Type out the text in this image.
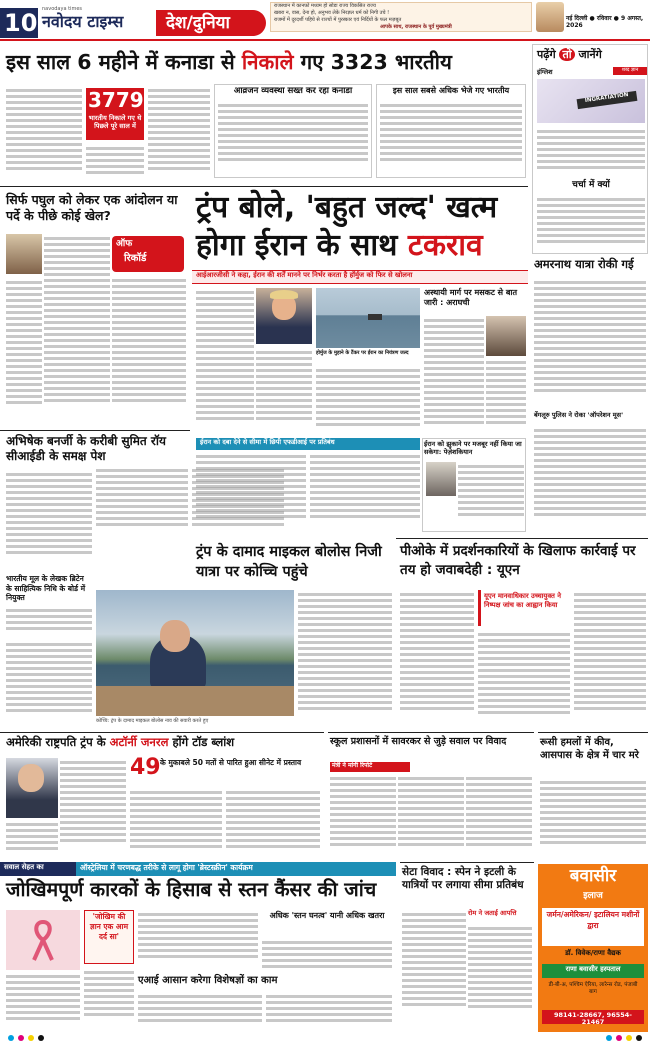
10 navodaya times
नवोदय टाइम्स	देश/दुनिया
राजस्थान में कानफ़ो मध्यम हो सोडा राज्य विकसित राज्य
खबरा न, वास, देना हो, अनुभव लेके निरज्ञल धर्म को निगी उचे !
राजमों में दूरदर्शी पहिये से राज्यों में पुरस्कार एवं निर्दियों के फल मज़बूत
आपके साथ, राजस्थान के पूर्व मुख्यमंत्री
नई दिल्ली ● रविवार ● 9 अगस्त, 2026
इस साल 6 महीने में कनाडा से निकाले गए 3323 भारतीय
3779
भारतीय निकाले गए थे पिछले पूरे साल में
आव्रजन व्यवस्था सख्त कर रहा कनाडा	इस साल सबसे अधिक भेजे गए भारतीय
पढ़ेंगे तो जानेंगे
शब्द ज्ञान
इंग्लिश
INGRATIATION
चर्चा में क्यों
सिर्फ पघुल को लेकर एक आंदोलन या पर्दे के पीछे कोई खेल?
ऑफ
रिकॉर्ड
ट्रंप बोले, 'बहुत जल्द' खत्म
होगा ईरान के साथ टकराव
आईआरजीसी ने कहा, ईरान की शर्तें मानने पर निर्भर करता है हॉर्मुज को फिर से खोलना
होर्मुज के मुहाने के टैंकर पर ईरान का नियंत्रण जल्द
अस्थायी मार्ग पर मसकट से बात जारी : अराघची
ईरान को दबा देने से सीमा में छिपी एफडीआई पर प्रतिबंध	ईरान को झुकाने पर मजबूर नहीं किया जा सकेगा: पेज़ेशकियान
अमरनाथ यात्रा रोकी गई
बेंगलूरु पुलिस ने रोका 'ऑपरेशन मूस'
अभिषेक बनर्जी के करीबी सुमित रॉय सीआईडी के समक्ष पेश
भारतीय मूल के लेखक ब्रिटेन के साहित्यिक निधि के बोर्ड में नियुक्त
ट्रंप के दामाद माइकल बोलोस निजी यात्रा पर कोच्चि पहुंचे
कोच्चि: ट्रंप के दामाद माइकल बोलोस नाव की सवारी करते हुए
पीओके में प्रदर्शनकारियों के खिलाफ कार्रवाई पर तय हो जवाबदेही : यूएन
यूएन मानवाधिकार उच्चायुक्त ने निष्पक्ष जांच का आह्वान किया
अमेरिकी राष्ट्रपति ट्रंप के अटॉर्नी जनरल होंगे टॉड ब्लांश
49 के मुकाबले 50 मतों से पारित हुआ सीनेट में प्रस्ताव
स्कूल प्रशासनों में सावरकर से जुड़े सवाल पर विवाद
मंत्री ने मांगी रिपोर्ट
रूसी हमलों में कीव, आसपास के क्षेत्र में चार मरे
सवाल सेहत का	ऑस्ट्रेलिया में चरणबद्ध तरीके से लागू होगा 'ब्रेस्टस्क्रीन' कार्यक्रम
जोखिमपूर्ण कारकों के हिसाब से स्तन कैंसर की जांच
'जोखिम की ज्ञान एक आम दर्द सा'
अधिक 'स्तन घनत्व' यानी अधिक खतरा
एआई आसान करेगा विशेषज्ञों का काम
सेटा विवाद : स्पेन ने इटली के यात्रियों पर लगाया सीमा प्रतिबंध
रोम ने जताई आपत्ति
बवासीर
इलाज
जर्मन/अमेरिकन/ इटालियन मशीनों द्वारा
डॉ. विवेक/राणा वैद्यक
राणा बवासीर हस्पताल
डी-बी-अ, पश्चिम ऐरिया, लारेन्स रोड, पंजाबी बाग
98141-28667, 96554-21467
